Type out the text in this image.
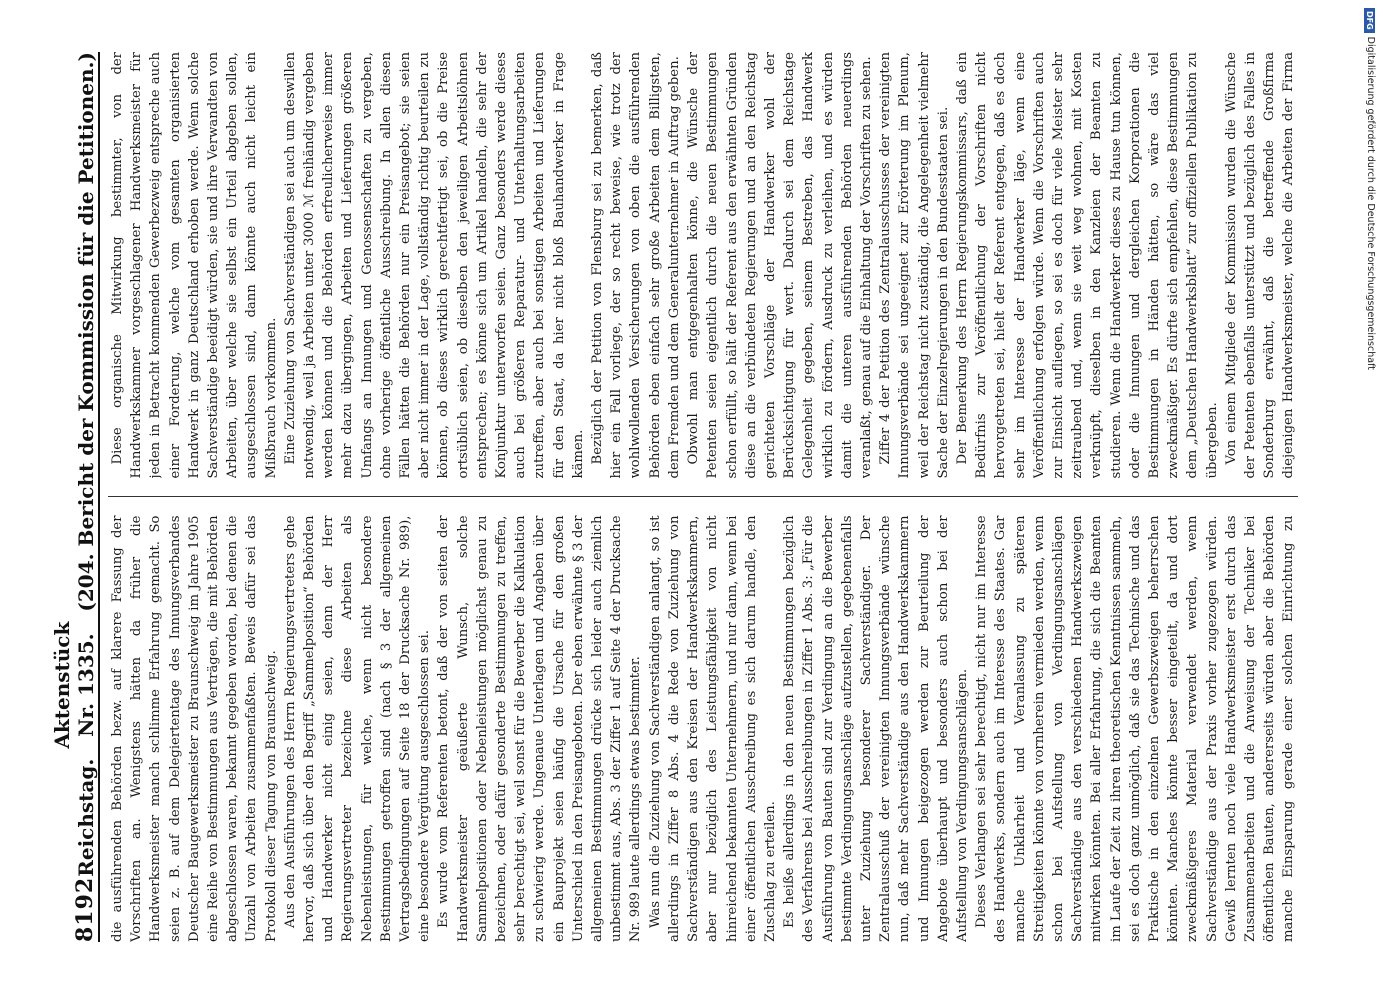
8192
Reichstag.
Aktenstück Nr. 1335.
(204. Bericht der Kommission für die Petitionen.)

die ausführenden Behörden bezw. auf klarere Fassung der Vorschriften an. Wenigstens hätten da früher die Handwerksmeister manch schlimme Erfahrung gemacht. So seien z. B. auf dem Delegiertentage des Innungsverbandes Deutscher Baugewerksmeister zu Braunschweig im Jahre 1905 eine Reihe von Bestimmungen aus Verträgen, die mit Behörden abgeschlossen waren, bekannt gegeben worden, bei denen die Unzahl von Arbeiten zusammenfaßten. Beweis dafür sei das Protokoll dieser Tagung von Braunschweig. Aus den Ausführungen des Herrn Regierungsvertreters gehe hervor, daß sich über den Begriff „Sammelposition“ Behörden und Handwerker nicht einig seien, denn der Herr Regierungsvertreter bezeichne diese Arbeiten als Nebenleistungen, für welche, wenn nicht besondere Bestimmungen getroffen sind (nach § 3 der allgemeinen Vertragsbedingungen auf Seite 18 der Drucksache Nr. 989), eine besondere Vergütung ausgeschlossen sei. Es wurde vom Referenten betont, daß der von seiten der Handwerksmeister geäußerte Wunsch, solche Sammelpositionen oder Nebenleistungen möglichst genau zu bezeichnen, oder dafür gesonderte Bestimmungen zu treffen, sehr berechtigt sei, weil sonst für die Bewerber die Kalkulation zu schwierig werde. Ungenaue Unterlagen und Angaben über ein Bauprojekt seien häufig die Ursache für den großen Unterschied in den Preisangeboten. Der eben erwähnte § 3 der allgemeinen Bestimmungen drücke sich leider auch ziemlich unbestimmt aus, Abs. 3 der Ziffer 1 auf Seite 4 der Drucksache Nr. 989 laute allerdings etwas bestimmter. Was nun die Zuziehung von Sachverständigen anlangt, so ist allerdings in Ziffer 8 Abs. 4 die Rede von Zuziehung von Sachverständigen aus den Kreisen der Handwerkskammern, aber nur bezüglich des Leistungsfähigkeit von nicht hinreichend bekannten Unternehmern, und nur dann, wenn bei einer öffentlichen Ausschreibung es sich darum handle, den Zuschlag zu erteilen. Es heiße allerdings in den neuen Bestimmungen bezüglich des Verfahrens bei Ausschreibungen in Ziffer 1 Abs. 3: „Für die Ausführung von Bauten sind zur Verdingung an die Bewerber bestimmte Verdingungsanschläge aufzustellen, gegebenenfalls unter Zuziehung besonderer Sachverständiger. Der Zentralausschuß der vereinigten Innungsverbände wünsche nun, daß mehr Sachverständige aus den Handwerkskammern und Innungen beigezogen werden zur Beurteilung der Angebote überhaupt und besonders auch schon bei der Aufstellung von Verdingungsanschlägen. Dieses Verlangen sei sehr berechtigt, nicht nur im Interesse des Handwerks, sondern auch im Interesse des Staates. Gar manche Unklarheit und Veranlassung zu späteren Streitigkeiten könnte von vornherein vermieden werden, wenn schon bei Aufstellung von Verdingungsanschlägen Sachverständige aus den verschiedenen Handwerkszweigen mitwirken könnten. Bei aller Erfahrung, die sich die Beamten im Laufe der Zeit zu ihren theoretischen Kenntnissen sammeln, sei es doch ganz unmöglich, daß sie das Technische und das Praktische in den einzelnen Gewerbszweigen beherrschen könnten. Manches könnte besser eingeteilt, da und dort zweckmäßigeres Material verwendet werden, wenn Sachverständige aus der Praxis vorher zugezogen würden. Gewiß lernten noch viele Handwerksmeister erst durch das Zusammenarbeiten und die Anweisung der Techniker bei öffentlichen Bauten, andererseits würden aber die Behörden manche Einsparung gerade einer solchen Einrichtung zu

Diese organische Mitwirkung bestimmter, von der Handwerkskammer vorgeschlagener Handwerksmeister für jeden in Betracht kommenden Gewerbezweig entspreche auch einer Forderung, welche vom gesamten organisierten Handwerk in ganz Deutschland erhoben werde. Wenn solche Sachverständige beeidigt würden, sie und ihre Verwandten von Arbeiten, über welche sie selbst ein Urteil abgeben sollen, ausgeschlossen sind, dann könnte auch nicht leicht ein Mißbrauch vorkommen. Eine Zuziehung von Sachverständigen sei auch um deswillen notwendig, weil ja Arbeiten unter 3000 ℳ freihändig vergeben werden können und die Behörden erfreulicherweise immer mehr dazu übergingen, Arbeiten und Lieferungen größeren Umfangs an Innungen und Genossenschaften zu vergeben, ohne vorherige öffentliche Ausschreibung. In allen diesen Fällen hätten die Behörden nur ein Preisangebot; sie seien aber nicht immer in der Lage, vollständig richtig beurteilen zu können, ob dieses wirklich gerechtfertigt sei, ob die Preise ortsüblich seien, ob dieselben den jeweiligen Arbeitslöhnen entsprechen; es könne sich um Artikel handeln, die sehr der Konjunktur unterworfen seien. Ganz besonders werde dieses auch bei größeren Reparatur- und Unterhaltungsarbeiten zutreffen, aber auch bei sonstigen Arbeiten und Lieferungen für den Staat, da hier nicht bloß Bauhandwerker in Frage kämen. Bezüglich der Petition von Flensburg sei zu bemerken, daß hier ein Fall vorliege, der so recht beweise, wie trotz der wohlwollenden Versicherungen von oben die ausführenden Behörden eben einfach sehr große Arbeiten dem Billigsten, dem Fremden und dem Generalunternehmer in Auftrag geben. Obwohl man entgegenhalten könne, die Wünsche der Petenten seien eigentlich durch die neuen Bestimmungen schon erfüllt, so hält der Referent aus den erwähnten Gründen diese an die verbündeten Regierungen und an den Reichstag gerichteten Vorschläge der Handwerker wohl der Berücksichtigung für wert. Dadurch sei dem Reichstage Gelegenheit gegeben, seinem Bestreben, das Handwerk wirklich zu fördern, Ausdruck zu verleihen, und es würden damit die unteren ausführenden Behörden neuerdings veranlaßt, genau auf die Einhaltung der Vorschriften zu sehen. Ziffer 4 der Petition des Zentralausschusses der vereinigten Innungsverbände sei ungeeignet zur Erörterung im Plenum, weil der Reichstag nicht zuständig, die Angelegenheit vielmehr Sache der Einzelregierungen in den Bundesstaaten sei. Der Bemerkung des Herrn Regierungskommissars, daß ein Bedürfnis zur Veröffentlichung der Vorschriften nicht hervorgetreten sei, hielt der Referent entgegen, daß es doch sehr im Interesse der Handwerker läge, wenn eine Veröffentlichung erfolgen würde. Wenn die Vorschriften auch zur Einsicht aufliegen, so sei es doch für viele Meister sehr zeitraubend und, wenn sie weit weg wohnen, mit Kosten verknüpft, dieselben in den Kanzleien der Beamten zu studieren. Wenn die Handwerker dieses zu Hause tun können, oder die Innungen und dergleichen Korporationen die Bestimmungen in Händen hätten, so wäre das viel zweckmäßiger. Es dürfte sich empfehlen, diese Bestimmungen dem „Deutschen Handwerksblatt“ zur offiziellen Publikation zu übergeben. Von einem Mitgliede der Kommission wurden die Wünsche der Petenten ebenfalls unterstützt und bezüglich des Falles in Sonderburg erwähnt, daß die betreffende Großfirma diejenigen Handwerksmeister, welche die Arbeiten der Firma

DFG
Digitalisierung gefördert durch die Deutsche Forschungsgemeinschaft
